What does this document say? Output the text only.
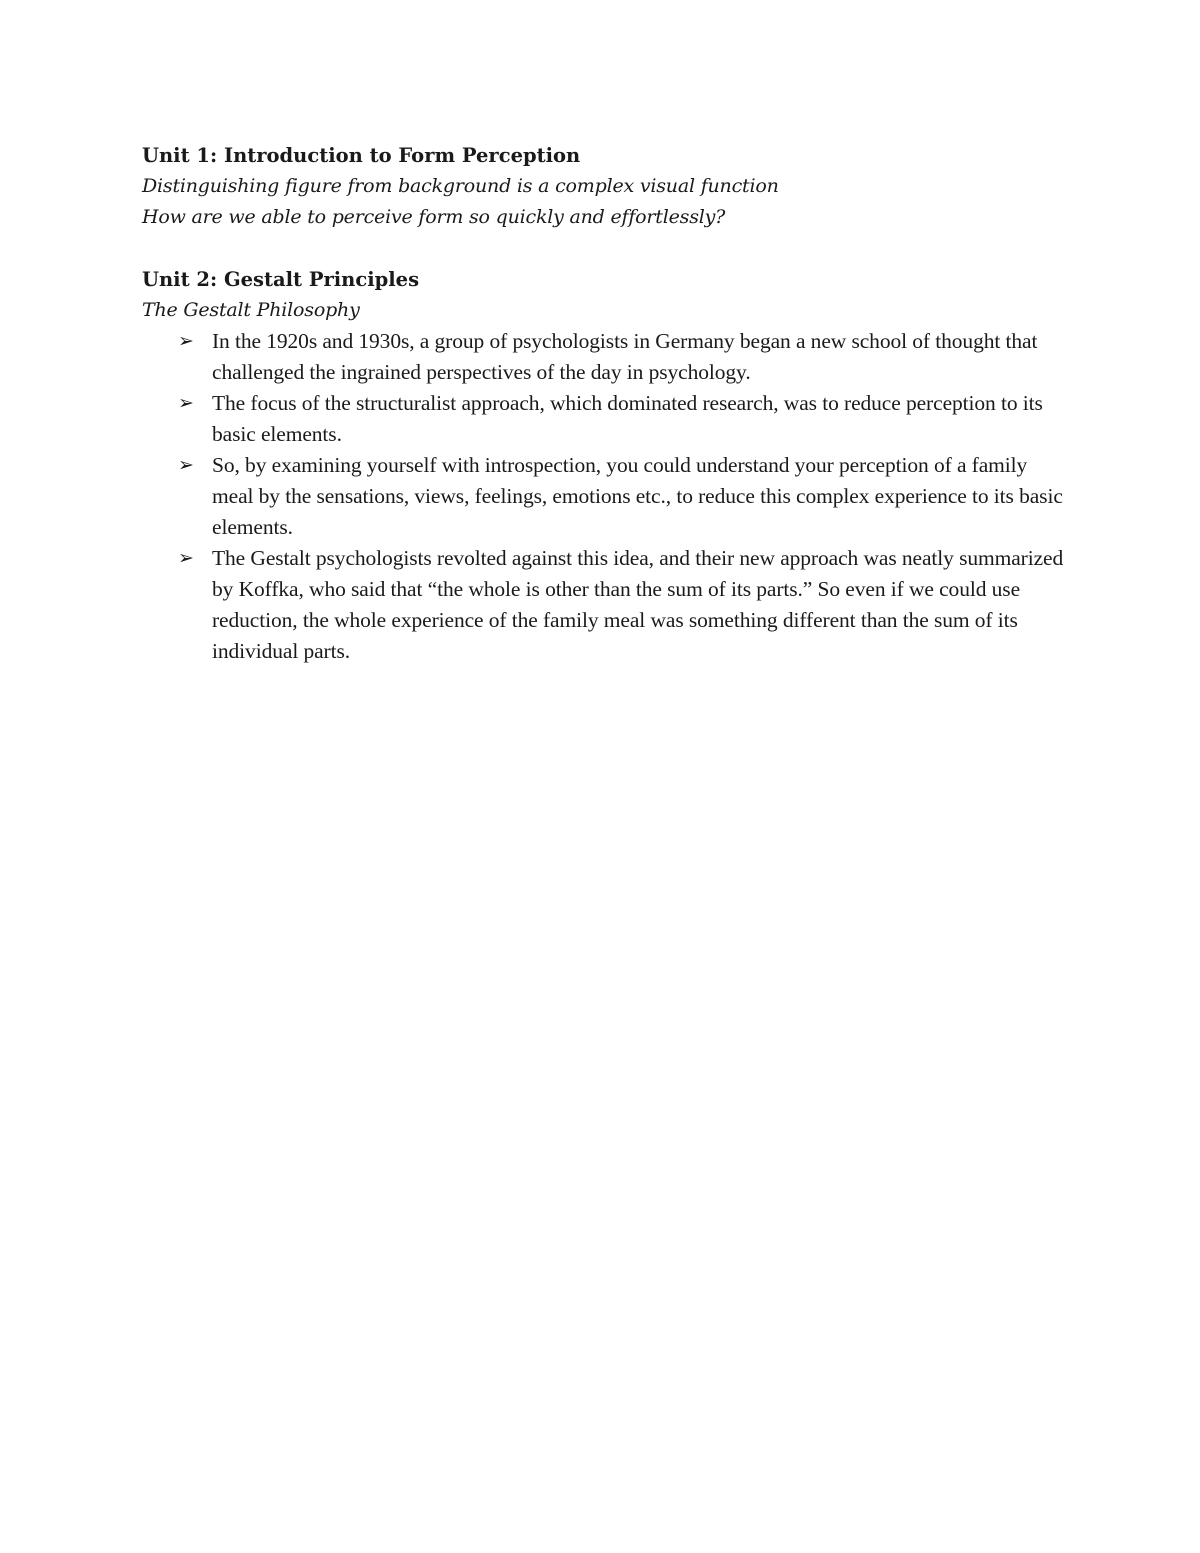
Unit 1: Introduction to Form Perception

Distinguishing figure from background is a complex visual function

How are we able to perceive form so quickly and effortlessly?

Unit 2: Gestalt Principles

The Gestalt Philosophy

➢ In the 1920s and 1930s, a group of psychologists in Germany began a new school of thought that challenged the ingrained perspectives of the day in psychology.
➢ The focus of the structuralist approach, which dominated research, was to reduce perception to its basic elements.
➢ So, by examining yourself with introspection, you could understand your perception of a family meal by the sensations, views, feelings, emotions etc., to reduce this complex experience to its basic elements.
➢ The Gestalt psychologists revolted against this idea, and their new approach was neatly summarized by Koffka, who said that “the whole is other than the sum of its parts.” So even if we could use reduction, the whole experience of the family meal was something different than the sum of its individual parts.
